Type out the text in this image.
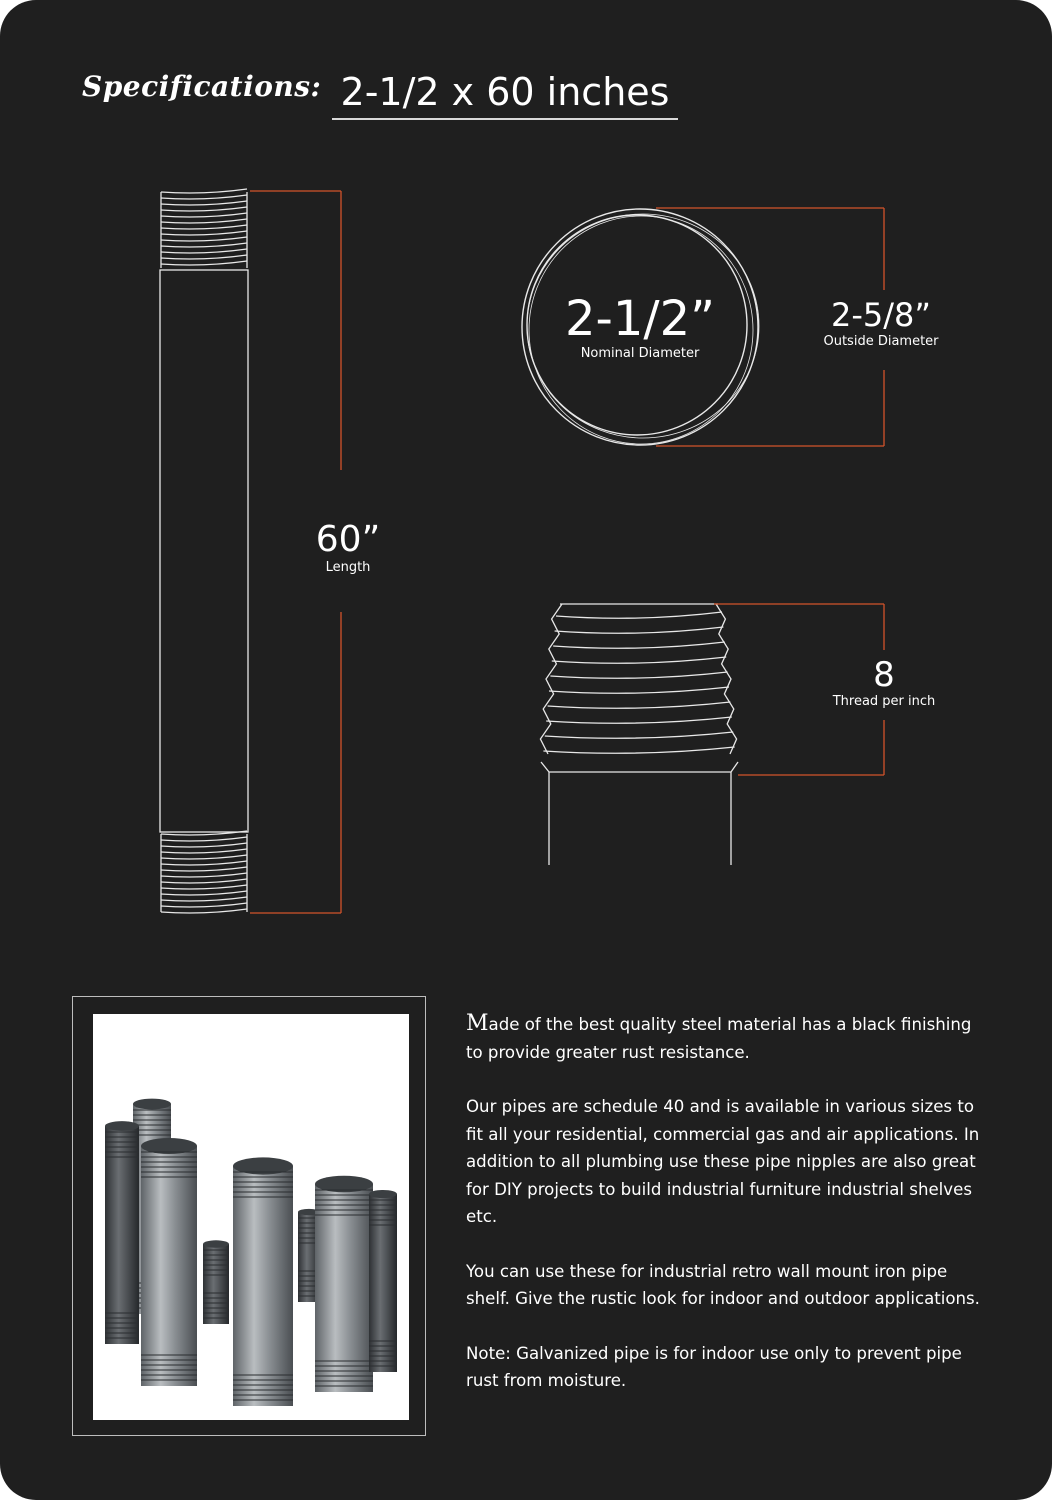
Specifications: 2-1/2 x 60 inches
60”
Length
2-1/2”
Nominal Diameter
2-5/8”
Outside Diameter
8
Thread per inch

Made of the best quality steel material has a black finishing to provide greater rust resistance.

Our pipes are schedule 40 and is available in various sizes to fit all your residential, commercial gas and air applications. In addition to all plumbing use these pipe nipples are also great for DIY projects to build industrial furniture industrial shelves etc.

You can use these for industrial retro wall mount iron pipe shelf. Give the rustic look for indoor and outdoor applications.

Note: Galvanized pipe is for indoor use only to prevent pipe rust from moisture.
